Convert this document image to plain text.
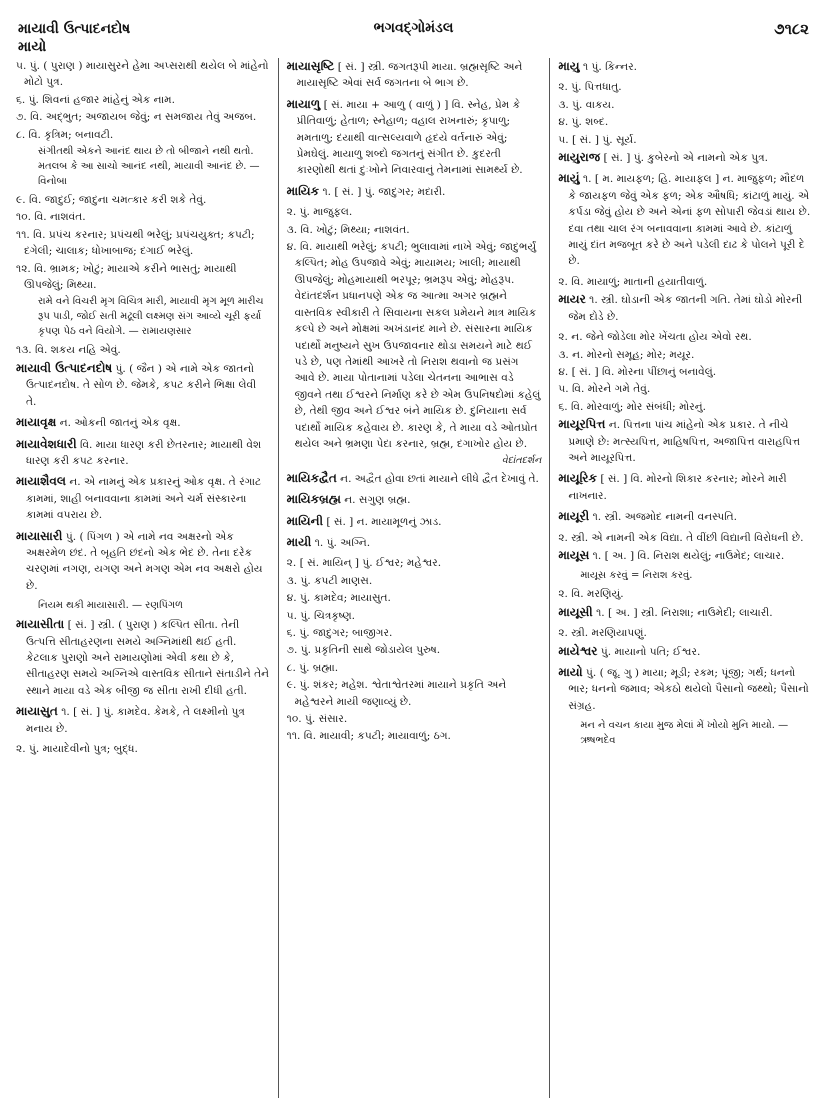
માયાવી ઉત્પાદનદોષ
માયો
ભગવદ્ગોમંડલ	૭૧૮૨
૫. પું. ( પુરાણ ) માયાસુરને હેમા અપ્સરાથી થયેલ બે માંહેનો મોટો પુત્ર.
૬. પું. શિવનાં હજાર માંહેનું એક નામ.
૭. વિ. અદ્ભુત; અજાયબ જેવું; ન સમજાય તેવું અજબ.
૮. વિ. કૃત્રિમ; બનાવટી.
સંગીતથી એકને આનંદ થાય છે તો બીજાને નથી થતો. મતલબ કે આ સાચો આનંદ નથી, માયાવી આનંદ છે. — વિનોબા
૯. વિ. જાદુઈ; જાદુના ચમત્કાર કરી શકે તેવું.
૧૦. વિ. નાશવંત.
૧૧. વિ. પ્રપંચ કરનાર; પ્રપંચથી ભરેલું; પ્રપંચયુક્ત; કપટી; દગેલી; ચાલાક; ધોખાબાજ; દગાઈ ભરેલું.
૧૨. વિ. ભ્રામક; ખોટું; માયાએ કરીને ભાસતું; માયાથી ઊપજેલું; મિથ્યા.
રામે વને વિચરી મૃગ વિચિત્ર મારી, માયાવી મૃગ મૂળ મારીચ રૂપ પાડી, જોઈ સતી મઢૂલી લક્ષ્મણ સંગ આવ્યે ચૂરી ફર્યા કૃપણ પેઠ વને વિયોગે. — રામાયણસાર
૧૩. વિ. શકય નહિ એવું.
માયાવી ઉત્પાદનદોષ પું. ( જૈન ) એ નામે એક જાતનો ઉત્પાદનદોષ. તે સોળ છે. જેમકે, કપટ કરીને ભિક્ષા લેવી તે.
માયાવૃક્ષ ન. ઓકની જાતનું એક વૃક્ષ.
માયાવેશધારી વિ. માયા ધારણ કરી છેતરનાર; માયાથી વેશ ધારણ કરી કપટ કરનાર.
માયાશૈવલ ન. એ નામનું એક પ્રકારનું ઓક વૃક્ષ. તે રંગાટ કામમાં, શાહી બનાવવાના કામમાં અને ચર્મ સંસ્કારના કામમાં વપરાય છે.
માયાસારી પું. ( પિંગળ ) એ નામે નવ અક્ષરનો એક અક્ષરમેળ છંદ. તે બૃહતિ છંદનો એક ભેદ છે. તેના દરેક ચરણમાં નગણ, યગણ અને મગણ એમ નવ અક્ષરો હોય છે.
નિયમ થકી માયાસારી. — રણપિંગળ
માયાસીતા [ સં. ] સ્ત્રી. ( પુરાણ ) કલ્પિત સીતા. તેની ઉત્પત્તિ સીતાહરણના સમયે અગ્નિમાંથી થઈ હતી. કેટલાક પુરાણો અને રામાયણોમાં એવી કથા છે કે, સીતાહરણ સમયે અગ્નિએ વાસ્તવિક સીતાને સંતાડીને તેને સ્થાને માયા વડે એક બીજી જ સીતા રાખી દીધી હતી.
માયાસુત ૧. [ સં. ] પું. કામદેવ. કેમકે, તે લક્ષ્મીનો પુત્ર મનાય છે.
૨. પું. માયાદેવીનો પુત્ર; બુદ્ધ.
માયાસૃષ્ટિ [ સં. ] સ્ત્રી. જગતરૂપી માયા. બ્રહ્મસૃષ્ટિ અને માયાસૃષ્ટિ એવાં સર્વ જગતના બે ભાગ છે.
માયાળુ [ સં. માયા + આળુ ( વાળું ) ] વિ. સ્નેહ, પ્રેમ કે પ્રીતિવાળું; હેતાળ; સ્નેહાળ; વહાલ રાખનારું; કૃપાળુ; મમતાળુ; દયાથી વાત્સલ્યવાળે હૃદયે વર્તનારું એવું; પ્રેમઘેલું. માયાળુ શબ્દો જગતનું સંગીત છે. કુદરતી કારણોથી થતાં દુઃખોને નિવારવાનું તેમનામાં સામર્થ્ય છે.
માયિક ૧. [ સં. ] પું. જાદુગર; મદારી.
૨. પું. માજુફલ.
૩. વિ. ખોટું; મિથ્યા; નાશવંત.
૪. વિ. માયાથી ભરેલું; કપટી; ભુલાવામાં નાખે એવું; જાદુભર્યું કલ્પિત; મોહ ઉપજાવે એવું; માયામય; ખાલી; માયાથી ઊપજેલું; મોહમાયાથી ભરપૂર; ભ્રમરૂપ એવું; મોહરૂપ. વેદાંતદર્શન પ્રધાનપણે એક જ આત્મા અગર બ્રહ્મને વાસ્તવિક સ્વીકારી તે સિવાયના સકલ પ્રમેયને માત્ર માયિક કલ્પે છે અને મોક્ષમાં અખંડાનંદ માને છે. સંસારના માયિક પદાર્થો મનુષ્યને સુખ ઉપજાવનાર થોડા સમયને માટે થઈ પડે છે, પણ તેમાંથી આખરે તો નિરાશ થવાનો જ પ્રસંગ આવે છે. માયા પોતાનામાં પડેલા ચેતનના આભાસ વડે જીવને તથા ઈશ્વરને નિર્માણ કરે છે એમ ઉપનિષદોમાં કહેલું છે, તેથી જીવ અને ઈશ્વર બંને માયિક છે. દુનિયાના સર્વ પદાર્થો માયિક કહેવાય છે. કારણ કે, તે માયા વડે ઓતપ્રોત થયેલ અને ભ્રમણા પેદા કરનાર, બ્રહ્મ, દગાખોર હોય છે.
વેદાંતદર્શન
માયિકદ્વૈત ન. અદ્વૈત હોવા છતાં માયાને લીધે દ્વૈત દેખાવું તે.
માયિકબ્રહ્મ ન. સગુણ બ્રહ્મ.
માયિની [ સં. ] ન. માયામૂળનું ઝાડ.
માયી ૧. પું. અગ્નિ.
૨. [ સં. માયિન્ ] પું. ઈશ્વર; મહેશ્વર.
૩. પું. કપટી માણસ.
૪. પું. કામદેવ; માયાસુત.
૫. પું. ચિત્રકૃષ્ણ.
૬. પું. જાદુગર; બાજીગર.
૭. પું. પ્રકૃતિની સાથે જોડાયેલ પુરુષ.
૮. પું. બ્રહ્મા.
૯. પું. શંકર; મહેશ. શ્વેતાશ્વેતરમાં માયાને પ્રકૃતિ અને મહેશ્વરને માયી જણાવ્યું છે.
૧૦. પું. સંસાર.
૧૧. વિ. માયાવી; કપટી; માયાવાળું; ઠગ.
માયુ ૧ પું. કિન્નર.
૨. પું. પિત્તધાતુ.
૩. પું. વાકય.
૪. પું. શબ્દ.
૫. [ સં. ] પું. સૂર્ય.
માયુરાજ [ સં. ] પું. કુબેરનો એ નામનો એક પુત્ર.
માયું ૧. [ મ. માયફળ; હિ. માયાફલ ] ન. માજુફળ; મૌદળ કે જાયફળ જેવું એક ફળ; એક ઔષધિ; કાંટાળું માયું. એ કર્પડા જેવું હોય છે અને એનાં ફળ સોપારી જેવડાં થાય છે. દવા તથા ચાલ રંગ બનાવવાના કામમાં આવે છે. કાંટાળું માયું દાંત મજબૂત કરે છે અને પડેલી દાઢ કે પોલને પૂરી દે છે.
૨. વિ. માયાળું; માતાની હયાતીવાળું.
માયર ૧. સ્ત્રી. ઘોડાની એક જાતની ગતિ. તેમાં ઘોડો મોરની જેમ દોડે છે.
૨. ન. જેને જોડેલા મોર ખેંચતા હોય એવો રથ.
૩. ન. મોરનો સમૂહ; મોર; મયૂર.
૪. [ સં. ] વિ. મોરના પીંછાનું બનાવેલું.
૫. વિ. મોરને ગમે તેવું.
૬. વિ. મોરવાળું; મોર સંબંધી; મોરનું.
માયૂરપિત્ત ન. પિત્તના પાંચ માંહેનો એક પ્રકાર. તે નીચે પ્રમાણે છે: મત્સ્યપિત્ત, માહિષપિત્ત, અજાપિત્ત વારાહપિત્ત અને માયૂરપિત્ત.
માયૂરિક [ સં. ] વિ. મોરનો શિકાર કરનાર; મોરને મારી નાખનાર.
માયૂરી ૧. સ્ત્રી. અજમોદ નામની વનસ્પતિ.
૨. સ્ત્રી. એ નામની એક વિદ્યા. તે વીંછી વિદ્યાની વિરોધની છે.
માયૂસ ૧. [ અ. ] વિ. નિરાશ થયેલું; નાઉમેદ; લાચાર.
માયૂસ કરવું = નિરાશ કરવું.
૨. વિ. મરણિયું.
માયૂસી ૧. [ અ. ] સ્ત્રી. નિરાશા; નાઉમેદી; લાચારી.
૨. સ્ત્રી. મરણિયાપણું.
માયેશ્વર પું. માયાનો પતિ; ઈશ્વર.
માયો પું. ( જૂ. ગુ ) માયા; મૂડી; રકમ; પૂંજી; ગર્થ; ધનનો ભાર; ધનનો જમાવ; એકઠો થયેલો પૈસાનો જથ્થો; પૈસાનો સંગ્રહ.
મન ને વચન કાયા મુજ મેલાં મેં ખોયો મુનિ માયો. — ઋષભદેવ
